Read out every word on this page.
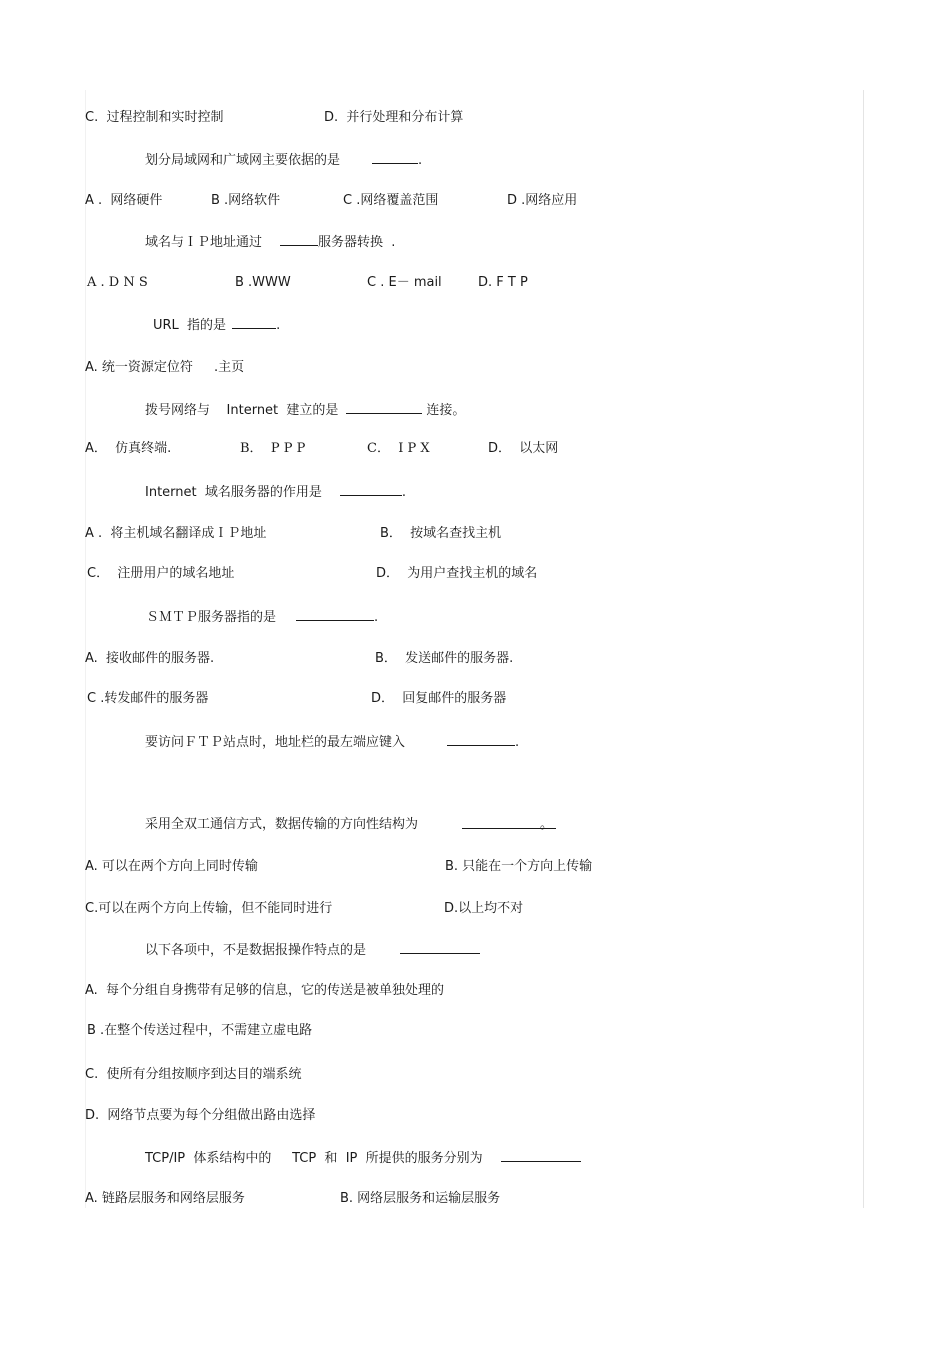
C.  过程控制和实时控制	D.  并行处理和分布计算
划分局域网和广域网主要依据的是	.
A .  网络硬件	B .网络软件	C .网络覆盖范围	D .网络应用
域名与ＩＰ地址通过	服务器转换  .
A . D N S	B .WWW	C . E－ mail	D. F T P
URL  指的是	.
A. 统一资源定位符 .主页
拨号网络与    Internet  建立的是	连接。
A．  仿真终端.	B．  P P P	C．  I P X	D．  以太网
Internet  域名服务器的作用是	.
A .  将主机域名翻译成ＩＰ地址	B．  按域名查找主机
C．  注册用户的域名地址	D．  为用户查找主机的域名
ＳＭＴＰ服务器指的是	.
A.  接收邮件的服务器.	B．  发送邮件的服务器.
C .转发邮件的服务器	D．  回复邮件的服务器
要访问ＦＴＰ站点时，地址栏的最左端应键入	.
采用全双工通信方式，数据传输的方向性结构为	。
A. 可以在两个方向上同时传输	B. 只能在一个方向上传输
C.可以在两个方向上传输，但不能同时进行	D.以上均不对
以下各项中，不是数据报操作特点的是
A.  每个分组自身携带有足够的信息，它的传送是被单独处理的
B .在整个传送过程中，不需建立虚电路
C.  使所有分组按顺序到达目的端系统
D.  网络节点要为每个分组做出路由选择
TCP/IP  体系结构中的     TCP  和  IP  所提供的服务分别为
A. 链路层服务和网络层服务	B. 网络层服务和运输层服务
